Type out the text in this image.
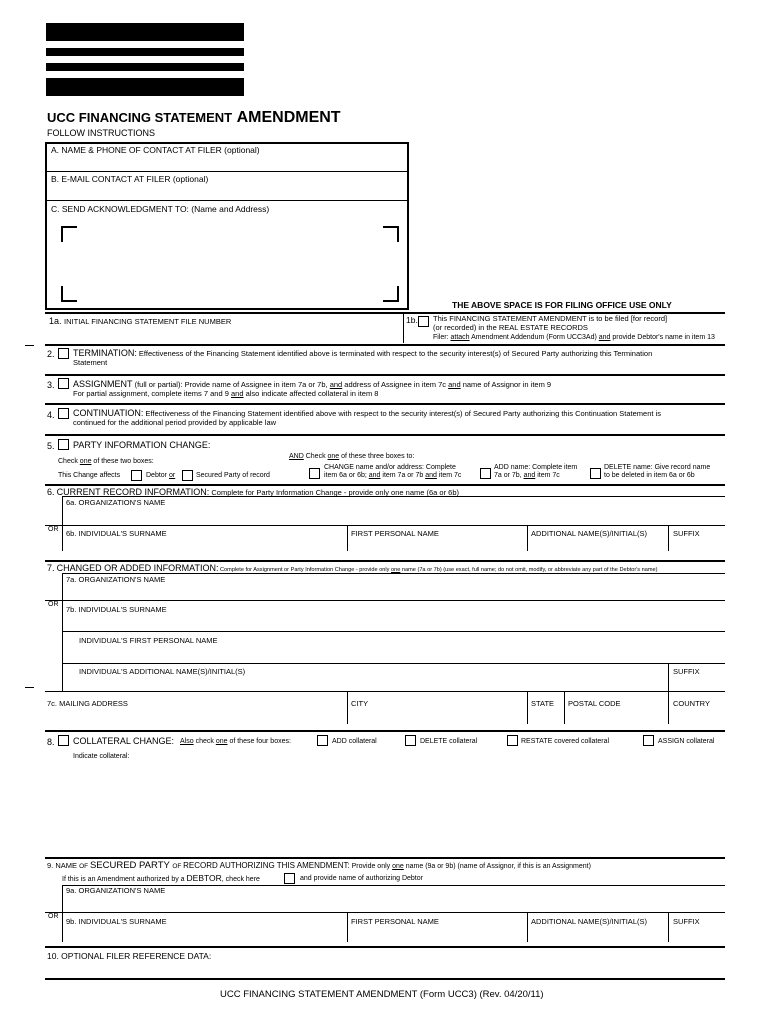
UCC FINANCING STATEMENT AMENDMENT
FOLLOW INSTRUCTIONS
A. NAME & PHONE OF CONTACT AT FILER (optional)
B. E-MAIL CONTACT AT FILER (optional)
C. SEND ACKNOWLEDGMENT TO: (Name and Address)
THE ABOVE SPACE IS FOR FILING OFFICE USE ONLY
1a. INITIAL FINANCING STATEMENT FILE NUMBER	1b. This FINANCING STATEMENT AMENDMENT is to be filed [for record]
(or recorded) in the REAL ESTATE RECORDS
Filer: attach Amendment Addendum (Form UCC3Ad) and provide Debtor's name in item 13
2. TERMINATION: Effectiveness of the Financing Statement identified above is terminated with respect to the security interest(s) of Secured Party authorizing this Termination
Statement
3. ASSIGNMENT (full or partial): Provide name of Assignee in item 7a or 7b, and address of Assignee in item 7c and name of Assignor in item 9
For partial assignment, complete items 7 and 9 and also indicate affected collateral in item 8
4. CONTINUATION: Effectiveness of the Financing Statement identified above with respect to the security interest(s) of Secured Party authorizing this Continuation Statement is
continued for the additional period provided by applicable law
5. PARTY INFORMATION CHANGE:
Check one of these two boxes:
This Change affects	Debtor or	Secured Party of record
AND Check one of these three boxes to:
CHANGE name and/or address: Complete
item 6a or 6b; and item 7a or 7b and item 7c
ADD name: Complete item
7a or 7b, and item 7c
DELETE name: Give record name
to be deleted in item 6a or 6b
6. CURRENT RECORD INFORMATION: Complete for Party Information Change - provide only one name (6a or 6b)
6a. ORGANIZATION'S NAME
OR 6b. INDIVIDUAL'S SURNAME	FIRST PERSONAL NAME	ADDITIONAL NAME(S)/INITIAL(S)	SUFFIX
7. CHANGED OR ADDED INFORMATION: Complete for Assignment or Party Information Change - provide only one name (7a or 7b) (use exact, full name; do not omit, modify, or abbreviate any part of the Debtor's name)
7a. ORGANIZATION'S NAME
OR
7b. INDIVIDUAL'S SURNAME
INDIVIDUAL'S FIRST PERSONAL NAME
INDIVIDUAL'S ADDITIONAL NAME(S)/INITIAL(S)	SUFFIX
7c. MAILING ADDRESS	CITY	STATE POSTAL CODE	COUNTRY
8. COLLATERAL CHANGE: Also check one of these four boxes:	ADD collateral	DELETE collateral	RESTATE covered collateral	ASSIGN collateral
Indicate collateral:
9. NAME OF SECURED PARTY OF RECORD AUTHORIZING THIS AMENDMENT: Provide only one name (9a or 9b) (name of Assignor, if this is an Assignment)
If this is an Amendment authorized by a DEBTOR, check here	and provide name of authorizing Debtor
9a. ORGANIZATION'S NAME
OR
9b. INDIVIDUAL'S SURNAME	FIRST PERSONAL NAME	ADDITIONAL NAME(S)/INITIAL(S)	SUFFIX
10. OPTIONAL FILER REFERENCE DATA:
UCC FINANCING STATEMENT AMENDMENT (Form UCC3) (Rev. 04/20/11)
